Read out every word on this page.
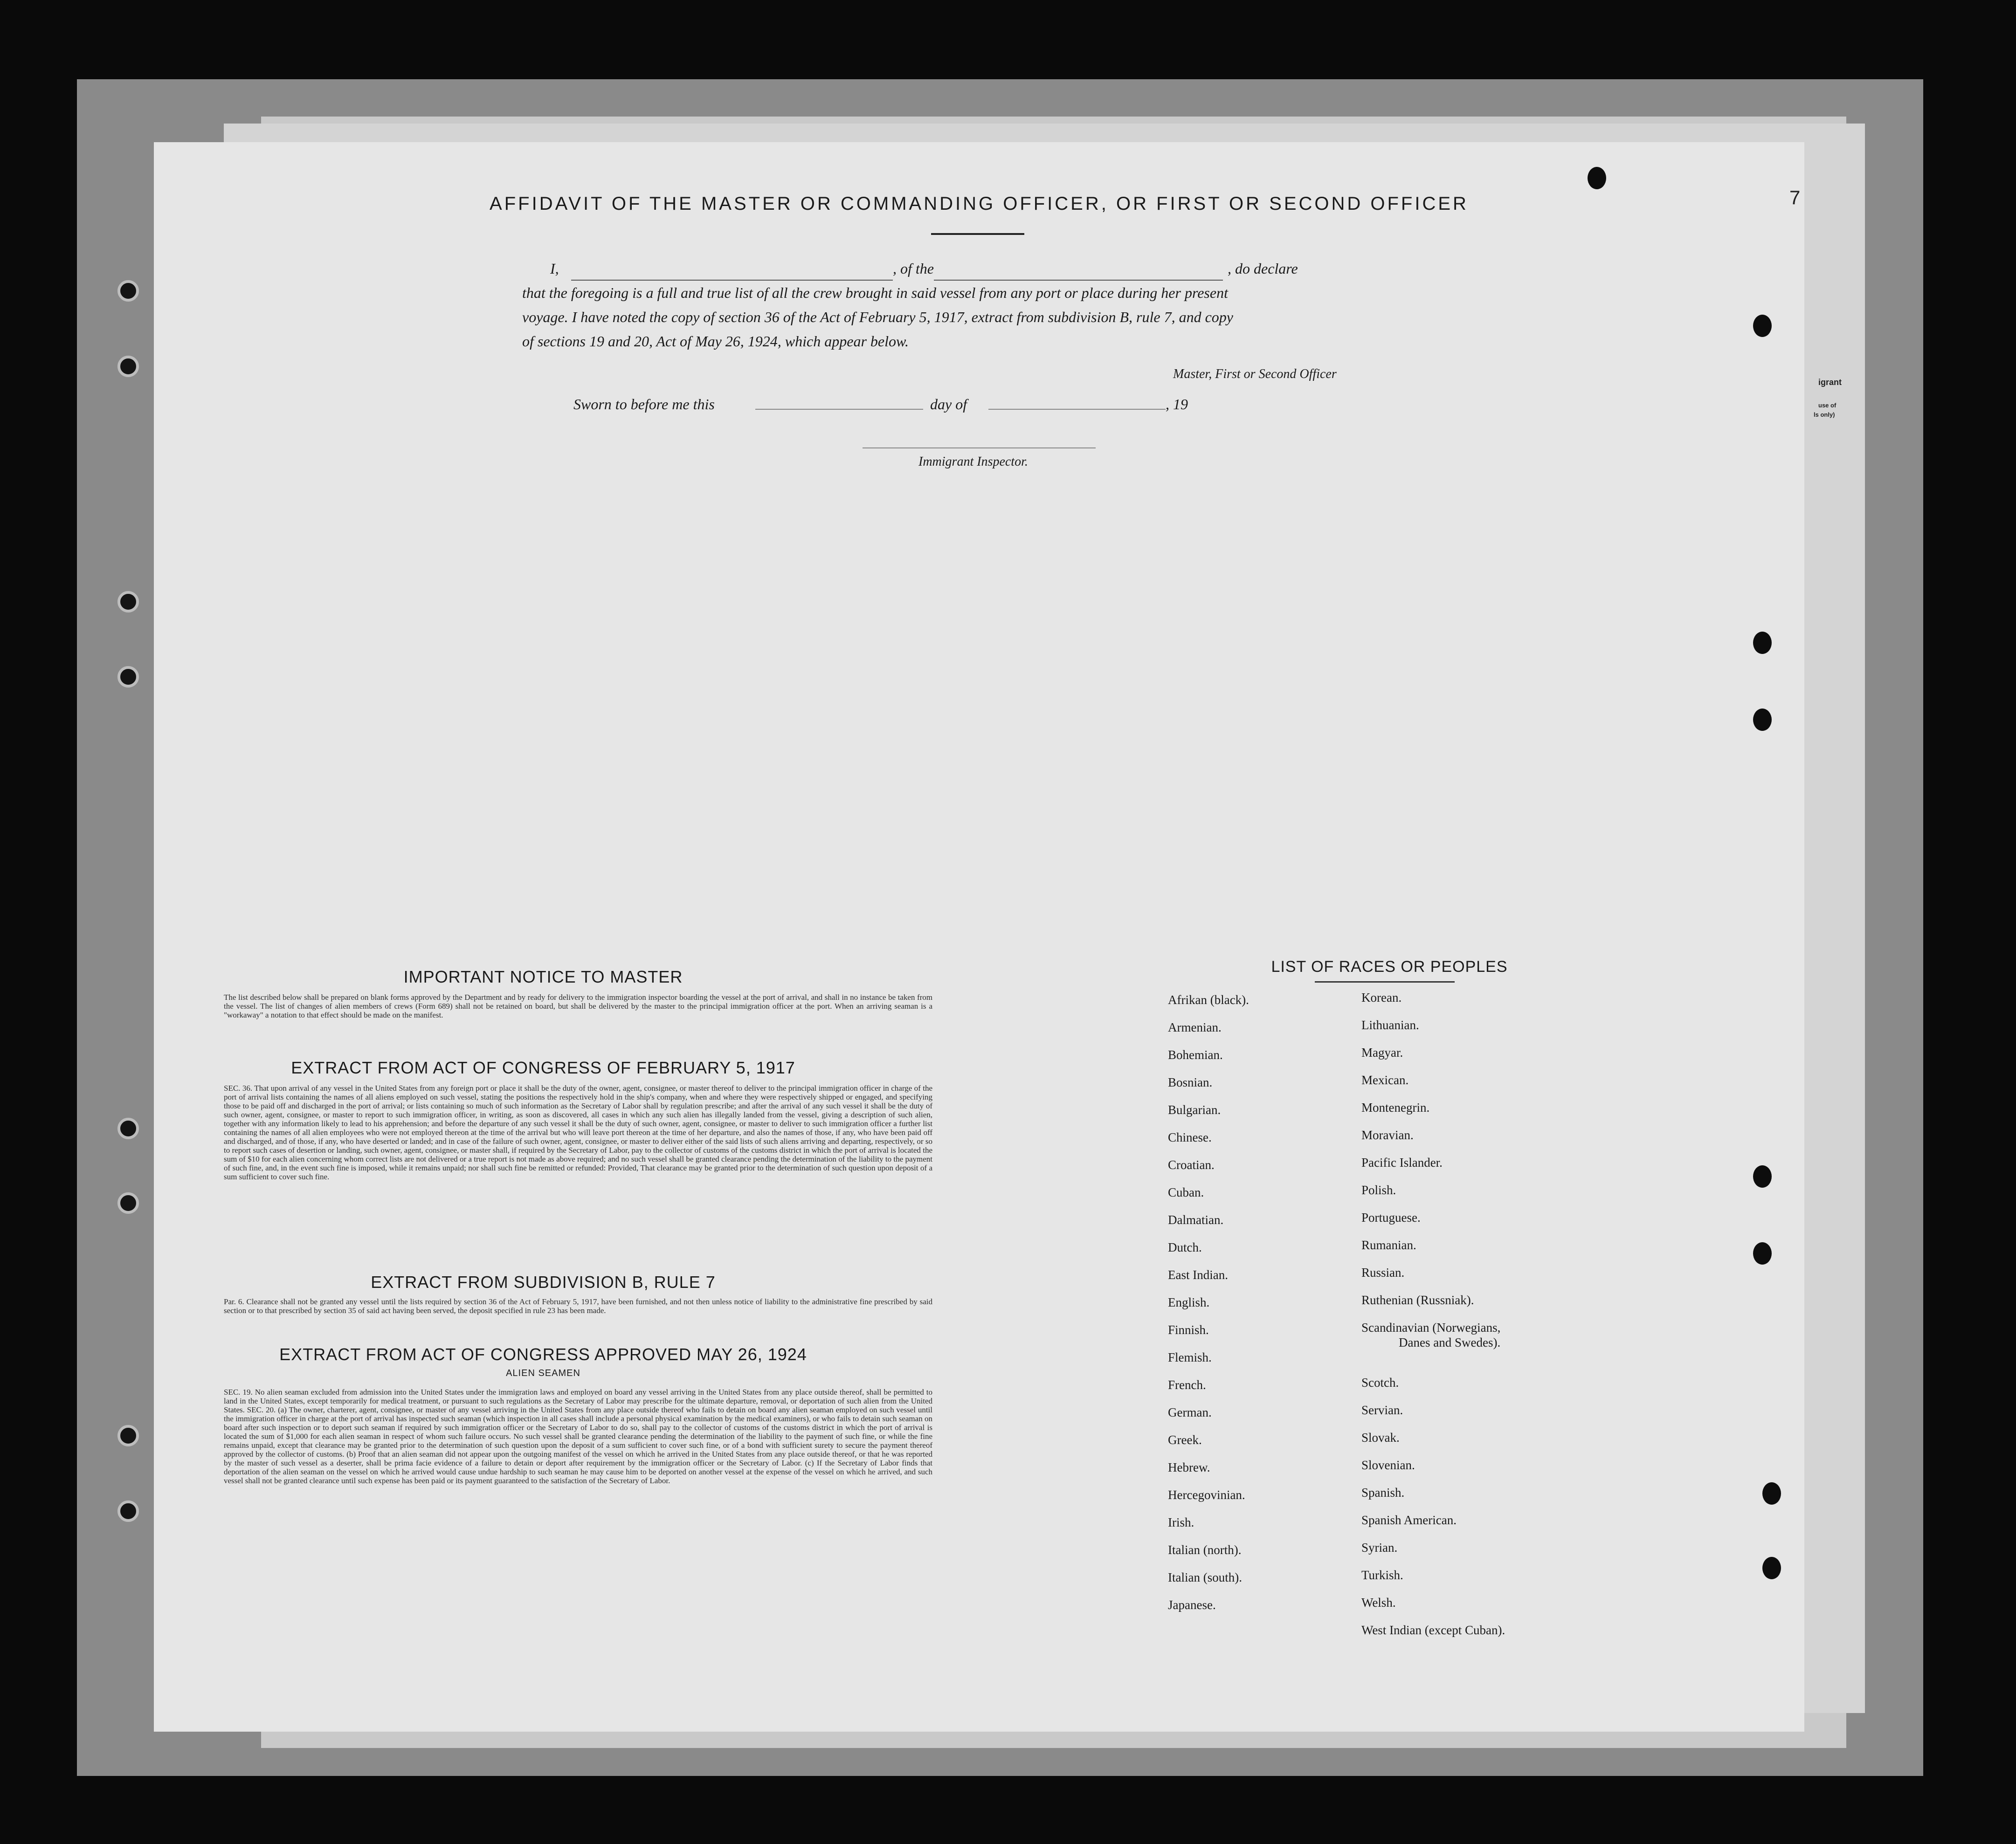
AFFIDAVIT OF THE MASTER OR COMMANDING OFFICER, OR FIRST OR SECOND OFFICER
I,	, of the	, do declare
that the foregoing is a full and true list of all the crew brought in said vessel from any port or place during her present
voyage. I have noted the copy of section 36 of the Act of February 5, 1917, extract from subdivision B, rule 7, and copy
of sections 19 and 20, Act of May 26, 1924, which appear below.
Master, First or Second Officer
Sworn to before me this	day of	, 19
Immigrant Inspector.
IMPORTANT NOTICE TO MASTER
The list described below shall be prepared on blank forms approved by the Department and by ready for delivery to the immigration inspector boarding the vessel at the port of arrival, and shall in no instance be taken from the vessel. The list of changes of alien members of crews (Form 689) shall not be retained on board, but shall be delivered by the master to the principal immigration officer at the port. When an arriving seaman is a "workaway" a notation to that effect should be made on the manifest.
EXTRACT FROM ACT OF CONGRESS OF FEBRUARY 5, 1917
SEC. 36. That upon arrival of any vessel in the United States from any foreign port or place it shall be the duty of the owner, agent, consignee, or master thereof to deliver to the principal immigration officer in charge of the port of arrival lists containing the names of all aliens employed on such vessel, stating the positions the respectively hold in the ship's company, when and where they were respectively shipped or engaged, and specifying those to be paid off and discharged in the port of arrival; or lists containing so much of such information as the Secretary of Labor shall by regulation prescribe; and after the arrival of any such vessel it shall be the duty of such owner, agent, consignee, or master to report to such immigration officer, in writing, as soon as discovered, all cases in which any such alien has illegally landed from the vessel, giving a description of such alien, together with any information likely to lead to his apprehension; and before the departure of any such vessel it shall be the duty of such owner, agent, consignee, or master to deliver to such immigration officer a further list containing the names of all alien employees who were not employed thereon at the time of the arrival but who will leave port thereon at the time of her departure, and also the names of those, if any, who have been paid off and discharged, and of those, if any, who have deserted or landed; and in case of the failure of such owner, agent, consignee, or master to deliver either of the said lists of such aliens arriving and departing, respectively, or so to report such cases of desertion or landing, such owner, agent, consignee, or master shall, if required by the Secretary of Labor, pay to the collector of customs of the customs district in which the port of arrival is located the sum of $10 for each alien concerning whom correct lists are not delivered or a true report is not made as above required; and no such vessel shall be granted clearance pending the determination of the liability to the payment of such fine, and, in the event such fine is imposed, while it remains unpaid; nor shall such fine be remitted or refunded: Provided, That clearance may be granted prior to the determination of such question upon deposit of a sum sufficient to cover such fine.
EXTRACT FROM SUBDIVISION B, RULE 7
Par. 6. Clearance shall not be granted any vessel until the lists required by section 36 of the Act of February 5, 1917, have been furnished, and not then unless notice of liability to the administrative fine prescribed by said section or to that prescribed by section 35 of said act having been served, the deposit specified in rule 23 has been made.
EXTRACT FROM ACT OF CONGRESS APPROVED MAY 26, 1924
ALIEN SEAMEN
SEC. 19. No alien seaman excluded from admission into the United States under the immigration laws and employed on board any vessel arriving in the United States from any place outside thereof, shall be permitted to land in the United States, except temporarily for medical treatment, or pursuant to such regulations as the Secretary of Labor may prescribe for the ultimate departure, removal, or deportation of such alien from the United States. SEC. 20. (a) The owner, charterer, agent, consignee, or master of any vessel arriving in the United States from any place outside thereof who fails to detain on board any alien seaman employed on such vessel until the immigration officer in charge at the port of arrival has inspected such seaman (which inspection in all cases shall include a personal physical examination by the medical examiners), or who fails to detain such seaman on board after such inspection or to deport such seaman if required by such immigration officer or the Secretary of Labor to do so, shall pay to the collector of customs of the customs district in which the port of arrival is located the sum of $1,000 for each alien seaman in respect of whom such failure occurs. No such vessel shall be granted clearance pending the determination of the liability to the payment of such fine, or while the fine remains unpaid, except that clearance may be granted prior to the determination of such question upon the deposit of a sum sufficient to cover such fine, or of a bond with sufficient surety to secure the payment thereof approved by the collector of customs. (b) Proof that an alien seaman did not appear upon the outgoing manifest of the vessel on which he arrived in the United States from any place outside thereof, or that he was reported by the master of such vessel as a deserter, shall be prima facie evidence of a failure to detain or deport after requirement by the immigration officer or the Secretary of Labor. (c) If the Secretary of Labor finds that deportation of the alien seaman on the vessel on which he arrived would cause undue hardship to such seaman he may cause him to be deported on another vessel at the expense of the vessel on which he arrived, and such vessel shall not be granted clearance until such expense has been paid or its payment guaranteed to the satisfaction of the Secretary of Labor.
LIST OF RACES OR PEOPLES
Afrikan (black).
Armenian.
Bohemian.
Bosnian.
Bulgarian.
Chinese.
Croatian.
Cuban.
Dalmatian.
Dutch.
East Indian.
English.
Finnish.
Flemish.
French.
German.
Greek.
Hebrew.
Hercegovinian.
Irish.
Italian (north).
Italian (south).
Japanese.
Korean.
Lithuanian.
Magyar.
Mexican.
Montenegrin.
Moravian.
Pacific Islander.
Polish.
Portuguese.
Rumanian.
Russian.
Ruthenian (Russniak).
Scandinavian (Norwegians,
Danes and Swedes).
Scotch.
Servian.
Slovak.
Slovenian.
Spanish.
Spanish American.
Syrian.
Turkish.
Welsh.
West Indian (except Cuban).
igrant
use of
ls only)
7
